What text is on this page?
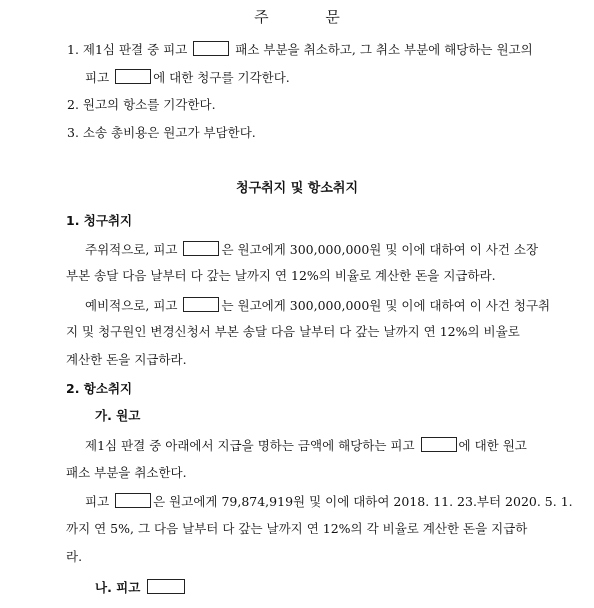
주 문
1. 제1심 판결 중 피고	패소 부분을 취소하고, 그 취소 부분에 해당하는 원고의
피고	에 대한 청구를 기각한다.
2. 원고의 항소를 기각한다.
3. 소송 총비용은 원고가 부담한다.
청구취지 및 항소취지
1. 청구취지
주위적으로, 피고	은 원고에게 300,000,000원 및 이에 대하여 이 사건 소장
부본 송달 다음 날부터 다 갚는 날까지 연 12%의 비율로 계산한 돈을 지급하라.
예비적으로, 피고	는 원고에게 300,000,000원 및 이에 대하여 이 사건 청구취
지 및 청구원인 변경신청서 부본 송달 다음 날부터 다 갚는 날까지 연 12%의 비율로
계산한 돈을 지급하라.
2. 항소취지
가. 원고
제1심 판결 중 아래에서 지급을 명하는 금액에 해당하는 피고	에 대한 원고
패소 부분을 취소한다.
피고	은 원고에게 79,874,919원 및 이에 대하여 2018. 11. 23.부터 2020. 5. 1.
까지 연 5%, 그 다음 날부터 다 갚는 날까지 연 12%의 각 비율로 계산한 돈을 지급하
라.
나. 피고
